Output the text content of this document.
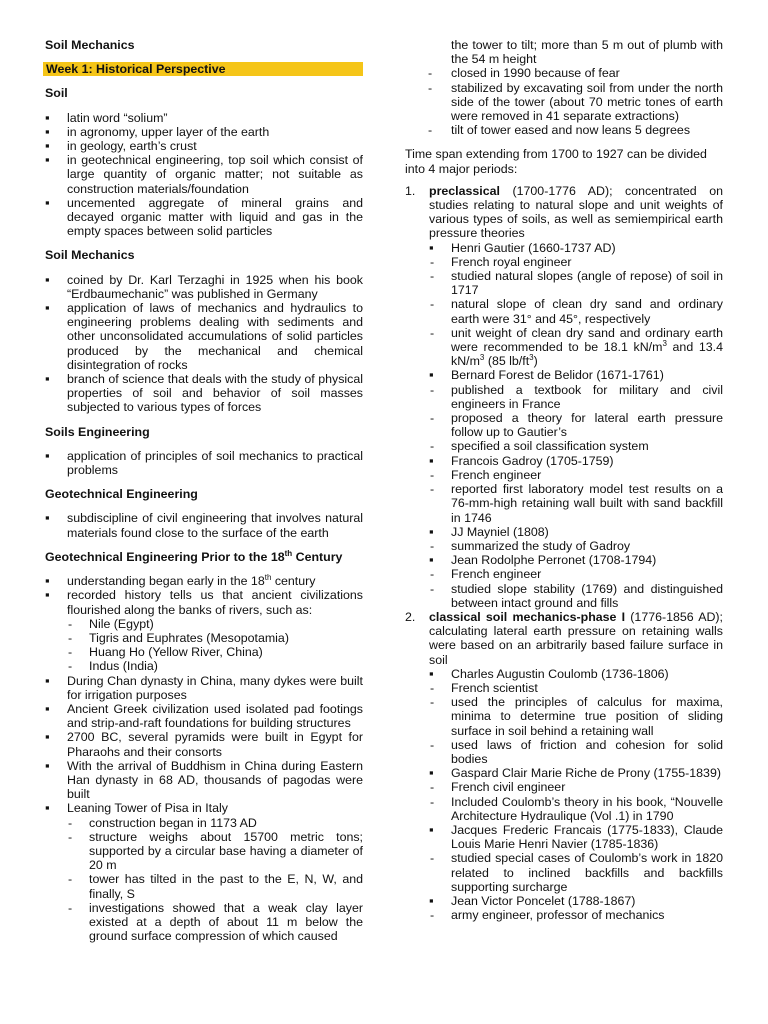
Soil Mechanics
Week 1: Historical Perspective
Soil
▪ latin word “solium”
▪ in agronomy, upper layer of the earth
▪ in geology, earth’s crust
▪ in geotechnical engineering, top soil which consist of large quantity of organic matter; not suitable as construction materials/foundation
▪ uncemented aggregate of mineral grains and decayed organic matter with liquid and gas in the empty spaces between solid particles
Soil Mechanics
▪ coined by Dr. Karl Terzaghi in 1925 when his book “Erdbaumechanic” was published in Germany
▪ application of laws of mechanics and hydraulics to engineering problems dealing with sediments and other unconsolidated accumulations of solid particles produced by the mechanical and chemical disintegration of rocks
▪ branch of science that deals with the study of physical properties of soil and behavior of soil masses subjected to various types of forces
Soils Engineering
▪ application of principles of soil mechanics to practical problems
Geotechnical Engineering
▪ subdiscipline of civil engineering that involves natural materials found close to the surface of the earth
Geotechnical Engineering Prior to the 18th Century
▪ understanding began early in the 18th century
▪ recorded history tells us that ancient civilizations flourished along the banks of rivers, such as:
- Nile (Egypt)
- Tigris and Euphrates (Mesopotamia)
- Huang Ho (Yellow River, China)
- Indus (India)
▪ During Chan dynasty in China, many dykes were built for irrigation purposes
▪ Ancient Greek civilization used isolated pad footings and strip-and-raft foundations for building structures
▪ 2700 BC, several pyramids were built in Egypt for Pharaohs and their consorts
▪ With the arrival of Buddhism in China during Eastern Han dynasty in 68 AD, thousands of pagodas were built
▪ Leaning Tower of Pisa in Italy
- construction began in 1173 AD
- structure weighs about 15700 metric tons; supported by a circular base having a diameter of 20 m
- tower has tilted in the past to the E, N, W, and finally, S
- investigations showed that a weak clay layer existed at a depth of about 11 m below the ground surface compression of which caused
the tower to tilt; more than 5 m out of plumb with the 54 m height
- closed in 1990 because of fear
- stabilized by excavating soil from under the north side of the tower (about 70 metric tones of earth were removed in 41 separate extractions)
- tilt of tower eased and now leans 5 degrees
Time span extending from 1700 to 1927 can be divided into 4 major periods:
1. preclassical (1700-1776 AD); concentrated on studies relating to natural slope and unit weights of various types of soils, as well as semiempirical earth pressure theories
▪ Henri Gautier (1660-1737 AD)
- French royal engineer
- studied natural slopes (angle of repose) of soil in 1717
- natural slope of clean dry sand and ordinary earth were 31° and 45°, respectively
- unit weight of clean dry sand and ordinary earth were recommended to be 18.1 $kN/m^3$ and 13.4 $kN/m^3$ (85 $lb/ft^3$)
▪ Bernard Forest de Belidor (1671-1761)
- published a textbook for military and civil engineers in France
- proposed a theory for lateral earth pressure follow up to Gautier’s
- specified a soil classification system
▪ Francois Gadroy (1705-1759)
- French engineer
- reported first laboratory model test results on a 76-mm-high retaining wall built with sand backfill in 1746
▪ JJ Mayniel (1808)
- summarized the study of Gadroy
▪ Jean Rodolphe Perronet (1708-1794)
- French engineer
- studied slope stability (1769) and distinguished between intact ground and fills
2. classical soil mechanics-phase I (1776-1856 AD); calculating lateral earth pressure on retaining walls were based on an arbitrarily based failure surface in soil
▪ Charles Augustin Coulomb (1736-1806)
- French scientist
- used the principles of calculus for maxima, minima to determine true position of sliding surface in soil behind a retaining wall
- used laws of friction and cohesion for solid bodies
▪ Gaspard Clair Marie Riche de Prony (1755-1839)
- French civil engineer
- Included Coulomb’s theory in his book, “Nouvelle Architecture Hydraulique (Vol .1) in 1790
▪ Jacques Frederic Francais (1775-1833), Claude Louis Marie Henri Navier (1785-1836)
- studied special cases of Coulomb’s work in 1820 related to inclined backfills and backfills supporting surcharge
▪ Jean Victor Poncelet (1788-1867)
- army engineer, professor of mechanics
